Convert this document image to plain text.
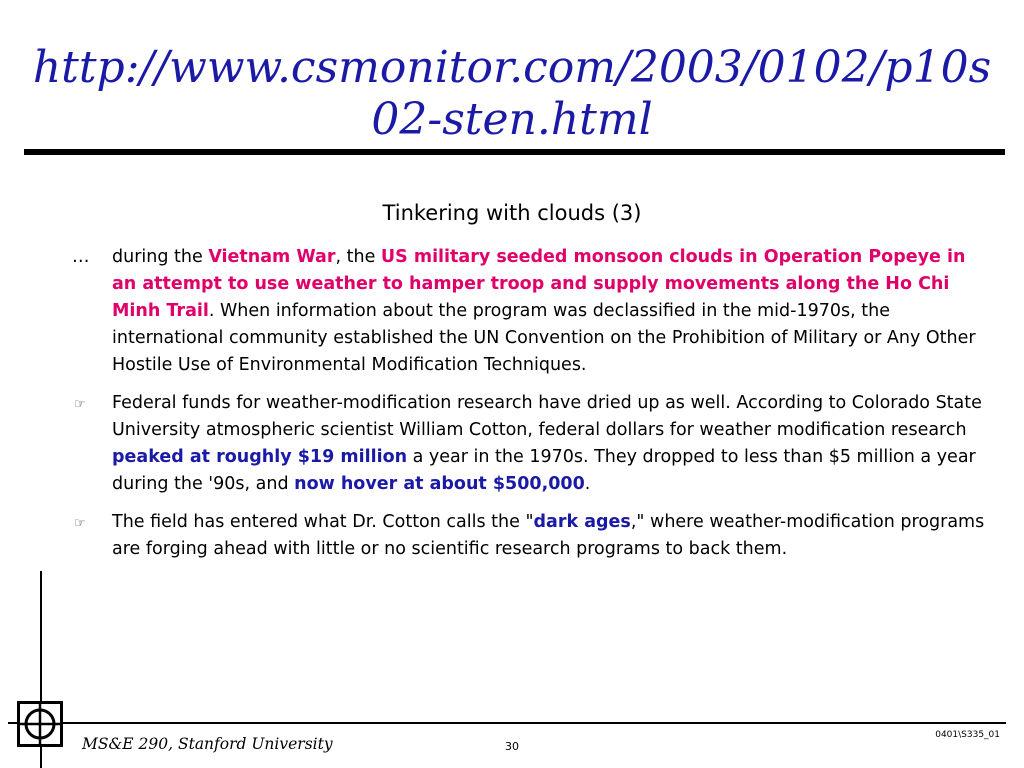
http://www.csmonitor.com/2003/0102/p10s02-sten.html
Tinkering with clouds (3)

… during the Vietnam War, the US military seeded monsoon clouds in Operation Popeye in an attempt to use weather to hamper troop and supply movements along the Ho Chi Minh Trail. When information about the program was declassified in the mid-1970s, the international community established the UN Convention on the Prohibition of Military or Any Other Hostile Use of Environmental Modification Techniques.

☞ Federal funds for weather-modification research have dried up as well. According to Colorado State University atmospheric scientist William Cotton, federal dollars for weather modification research peaked at roughly $19 million a year in the 1970s. They dropped to less than $5 million a year during the '90s, and now hover at about $500,000.

☞ The field has entered what Dr. Cotton calls the "dark ages," where weather-modification programs are forging ahead with little or no scientific research programs to back them.

MS&E 290, Stanford University	30
0401\S335_01
